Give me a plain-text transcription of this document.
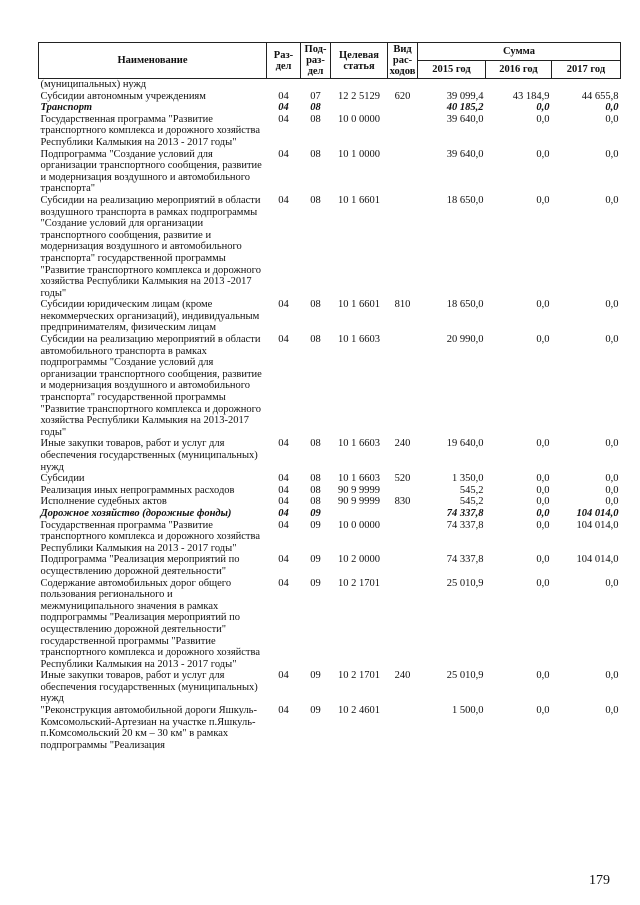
Наименование	Раз-дел	Под-раз-дел	Целевая статья	Вид рас-ходов	Сумма		
					2015 год	2016 год	2017 год
(муниципальных) нужд							
Субсидии автономным учреждениям	04	07	12 2 5129	620	39 099,4	43 184,9	44 655,8
Транспорт	04	08			40 185,2	0,0	0,0
Государственная программа "Развитие транспортного комплекса и дорожного хозяйства Республики Калмыкия на 2013 - 2017 годы"	04	08	10 0 0000		39 640,0	0,0	0,0
Подпрограмма "Создание условий для организации транспортного сообщения, развитие и модернизация воздушного и автомобильного транспорта"	04	08	10 1 0000		39 640,0	0,0	0,0
Субсидии на реализацию мероприятий в области воздушного транспорта в рамках подпрограммы "Создание условий для организации транспортного сообщения, развитие и модернизация воздушного и автомобильного транспорта" государственной программы "Развитие транспортного комплекса и дорожного хозяйства Республики Калмыкия на 2013 -2017 годы"	04	08	10 1 6601		18 650,0	0,0	0,0
Субсидии юридическим лицам (кроме некоммерческих организаций), индивидуальным предпринимателям, физическим лицам	04	08	10 1 6601	810	18 650,0	0,0	0,0
Субсидии на реализацию мероприятий в области автомобильного транспорта в рамках подпрограммы "Создание условий для организации транспортного сообщения, развитие и модернизация воздушного и автомобильного транспорта" государственной программы "Развитие транспортного комплекса и дорожного хозяйства Республики Калмыкия на 2013-2017 годы"	04	08	10 1 6603		20 990,0	0,0	0,0
Иные закупки товаров, работ и услуг для обеспечения государственных (муниципальных) нужд	04	08	10 1 6603	240	19 640,0	0,0	0,0
Субсидии	04	08	10 1 6603	520	1 350,0	0,0	0,0
Реализация иных непрограммных расходов	04	08	90 9 9999		545,2	0,0	0,0
Исполнение судебных актов	04	08	90 9 9999	830	545,2	0,0	0,0
Дорожное хозяйство (дорожные фонды)	04	09			74 337,8	0,0	104 014,0
Государственная программа "Развитие транспортного комплекса и дорожного хозяйства Республики Калмыкия на 2013 - 2017 годы"	04	09	10 0 0000		74 337,8	0,0	104 014,0
Подпрограмма "Реализация мероприятий по осуществлению дорожной деятельности"	04	09	10 2 0000		74 337,8	0,0	104 014,0
Содержание автомобильных дорог общего пользования регионального и межмуниципального значения в рамках подпрограммы "Реализация мероприятий по осуществлению дорожной деятельности" государственной программы "Развитие транспортного комплекса и дорожного хозяйства Республики Калмыкия на 2013 - 2017 годы"	04	09	10 2 1701		25 010,9	0,0	0,0
Иные закупки товаров, работ и услуг для обеспечения государственных (муниципальных) нужд	04	09	10 2 1701	240	25 010,9	0,0	0,0
"Реконструкция автомобильной дороги Яшкуль-Комсомольский-Артезиан на участке п.Яшкуль-п.Комсомольский 20 км – 30 км" в рамках подпрограммы "Реализация	04	09	10 2 4601		1 500,0	0,0	0,0
179
